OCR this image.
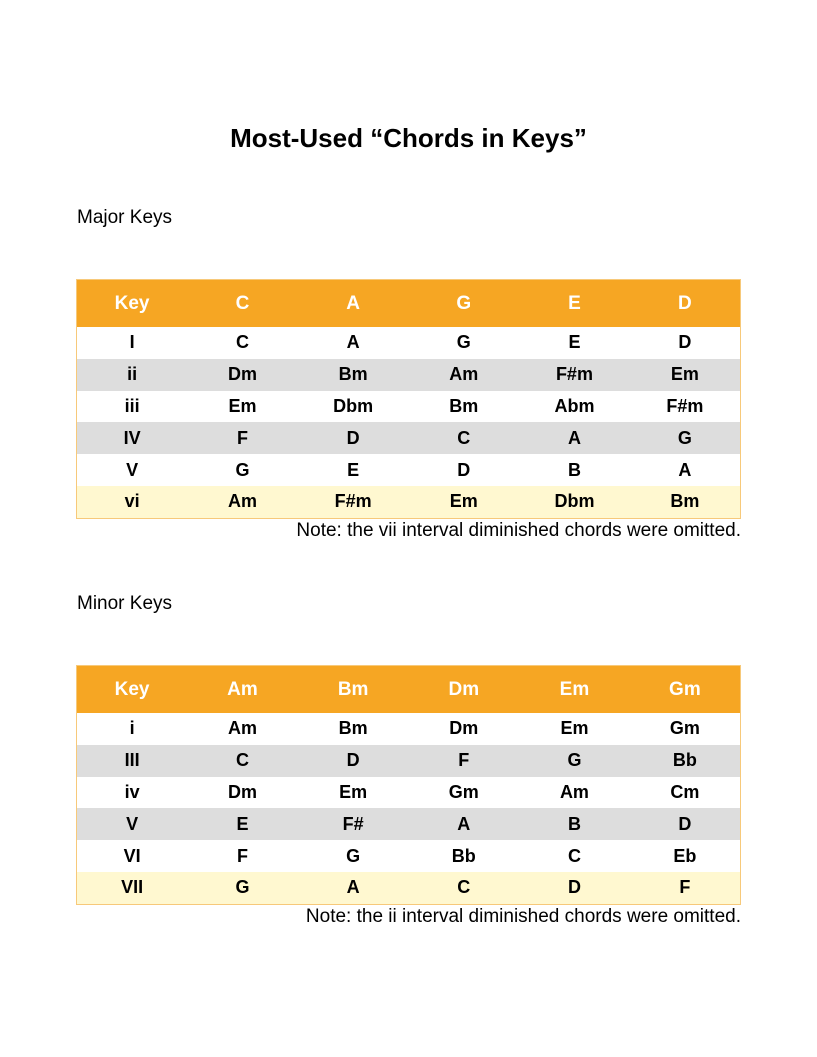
Most-Used “Chords in Keys”
Major Keys
Key	C	A	G	E	D
I	C	A	G	E	D
ii	Dm	Bm	Am	F#m	Em
iii	Em	Dbm	Bm	Abm	F#m
IV	F	D	C	A	G
V	G	E	D	B	A
vi	Am	F#m	Em	Dbm	Bm
Note: the vii interval diminished chords were omitted.
Minor Keys
Key	Am	Bm	Dm	Em	Gm
i	Am	Bm	Dm	Em	Gm
III	C	D	F	G	Bb
iv	Dm	Em	Gm	Am	Cm
V	E	F#	A	B	D
VI	F	G	Bb	C	Eb
VII	G	A	C	D	F
Note: the ii interval diminished chords were omitted.
